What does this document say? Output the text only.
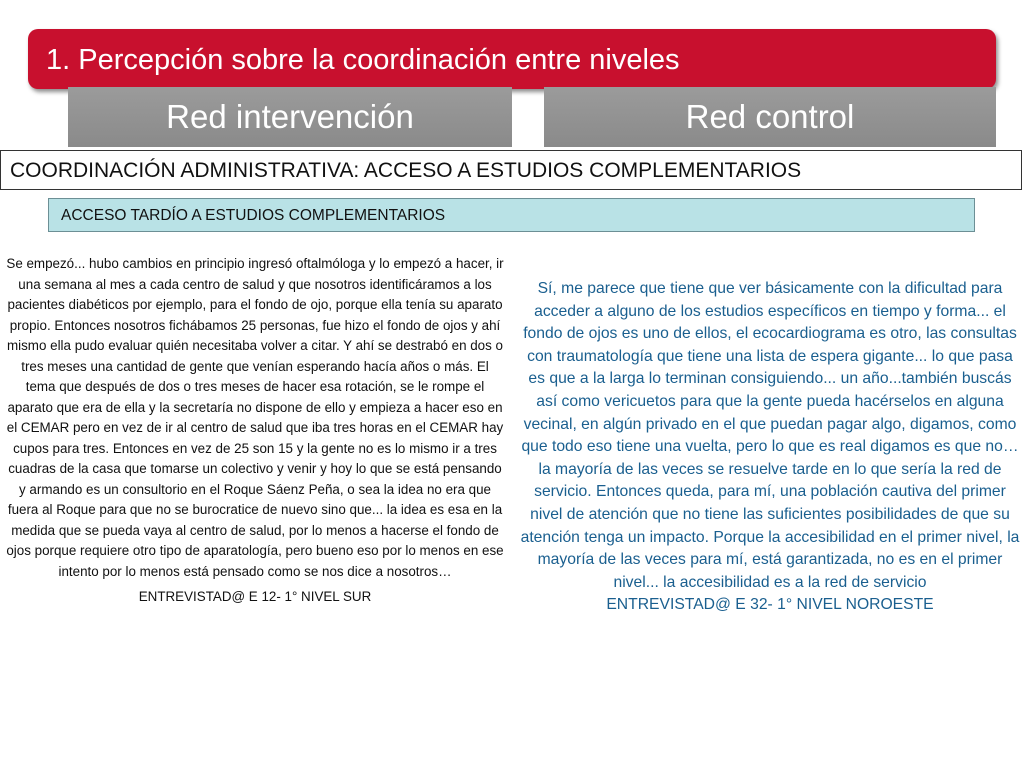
1. Percepción sobre la coordinación entre niveles
Red intervención	Red control
COORDINACIÓN ADMINISTRATIVA: ACCESO A ESTUDIOS COMPLEMENTARIOS
ACCESO TARDÍO A ESTUDIOS COMPLEMENTARIOS

Se empezó... hubo cambios en principio ingresó oftalmóloga y lo empezó a hacer, ir una semana al mes a cada centro de salud y que nosotros identificáramos a los pacientes diabéticos por ejemplo, para el fondo de ojo, porque ella tenía su aparato propio. Entonces nosotros fichábamos 25 personas, fue hizo el fondo de ojos y ahí mismo ella pudo evaluar quién necesitaba volver a citar. Y ahí se destrabó en dos o tres meses una cantidad de gente que venían esperando hacía años o más. El tema que después de dos o tres meses de hacer esa rotación, se le rompe el aparato que era de ella y la secretaría no dispone de ello y empieza a hacer eso en el CEMAR pero en vez de ir al centro de salud que iba tres horas en el CEMAR hay cupos para tres. Entonces en vez de 25 son 15 y la gente no es lo mismo ir a tres cuadras de la casa que tomarse un colectivo y venir y hoy lo que se está pensando y armando es un consultorio en el Roque Sáenz Peña, o sea la idea no era que fuera al Roque para que no se burocratice de nuevo sino que... la idea es esa en la medida que se pueda vaya al centro de salud, por lo menos a hacerse el fondo de ojos porque requiere otro tipo de aparatología, pero bueno eso por lo menos en ese intento por lo menos está pensado como se nos dice a nosotros…

ENTREVISTAD@ E 12- 1° NIVEL SUR

Sí, me parece que tiene que ver básicamente con la dificultad para acceder a alguno de los estudios específicos en tiempo y forma... el fondo de ojos es uno de ellos, el ecocardiograma es otro, las consultas con traumatología que tiene una lista de espera gigante... lo que pasa es que a la larga lo terminan consiguiendo... un año...también buscás así como vericuetos para que la gente pueda hacérselos en alguna vecinal, en algún privado en el que puedan pagar algo, digamos, como que todo eso tiene una vuelta, pero lo que es real digamos es que no… la mayoría de las veces se resuelve tarde en lo que sería la red de servicio. Entonces queda, para mí, una población cautiva del primer nivel de atención que no tiene las suficientes posibilidades de que su atención tenga un impacto. Porque la accesibilidad en el primer nivel, la mayoría de las veces para mí, está garantizada, no es en el primer nivel... la accesibilidad es a la red de servicio

ENTREVISTAD@ E 32- 1° NIVEL NOROESTE
